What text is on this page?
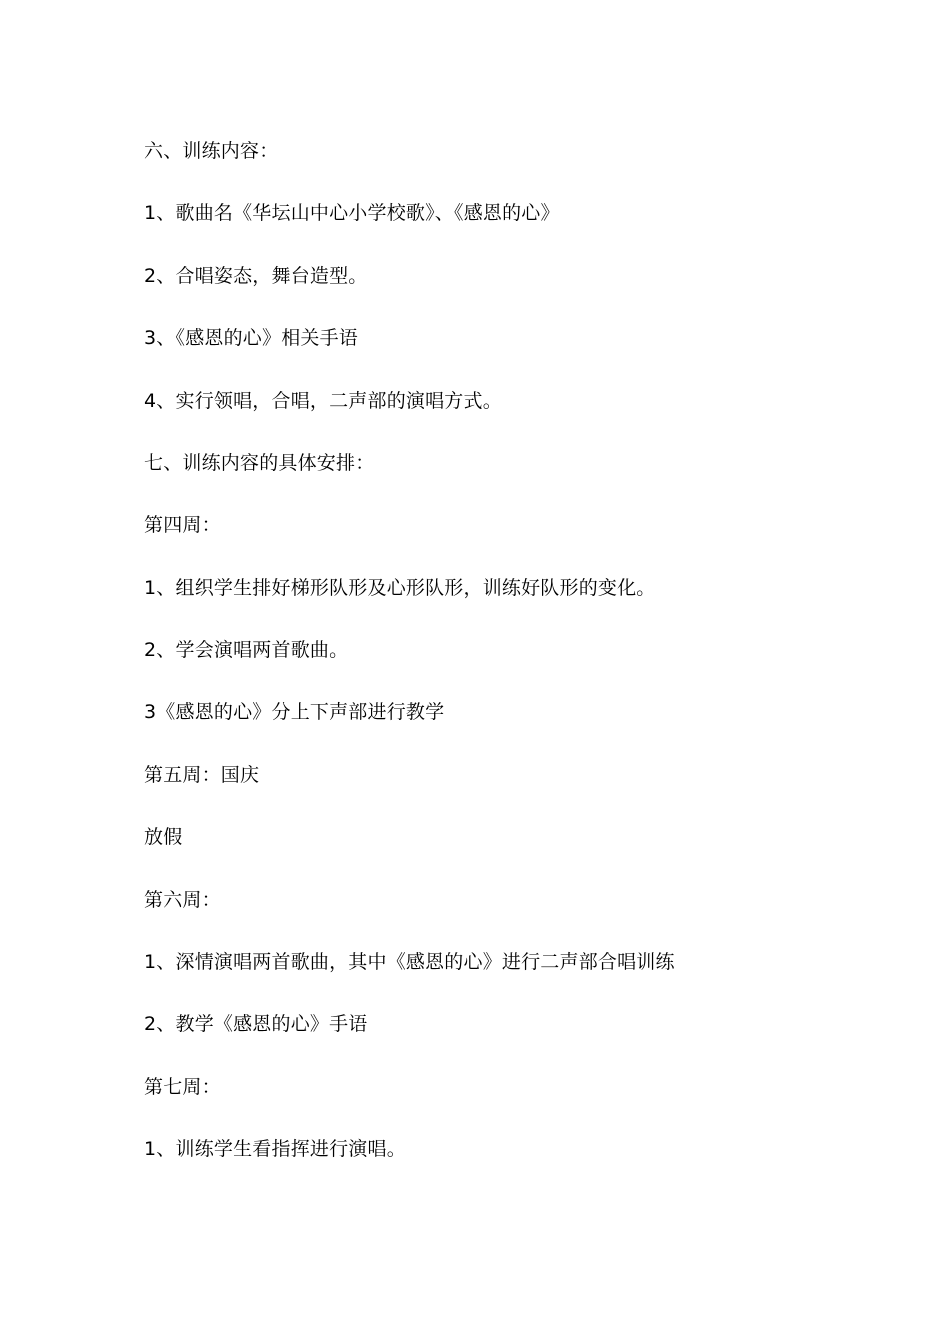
六、训练内容：
1、歌曲名《华坛山中心小学校歌》、《感恩的心》
2、合唱姿态，舞台造型。
3、《感恩的心》相关手语
4、实行领唱，合唱，二声部的演唱方式。
七、训练内容的具体安排：
第四周：
1、组织学生排好梯形队形及心形队形，训练好队形的变化。
2、学会演唱两首歌曲。
3《感恩的心》分上下声部进行教学
第五周：国庆
放假
第六周：
1、深情演唱两首歌曲，其中《感恩的心》进行二声部合唱训练
2、教学《感恩的心》手语
第七周：
1、训练学生看指挥进行演唱。
